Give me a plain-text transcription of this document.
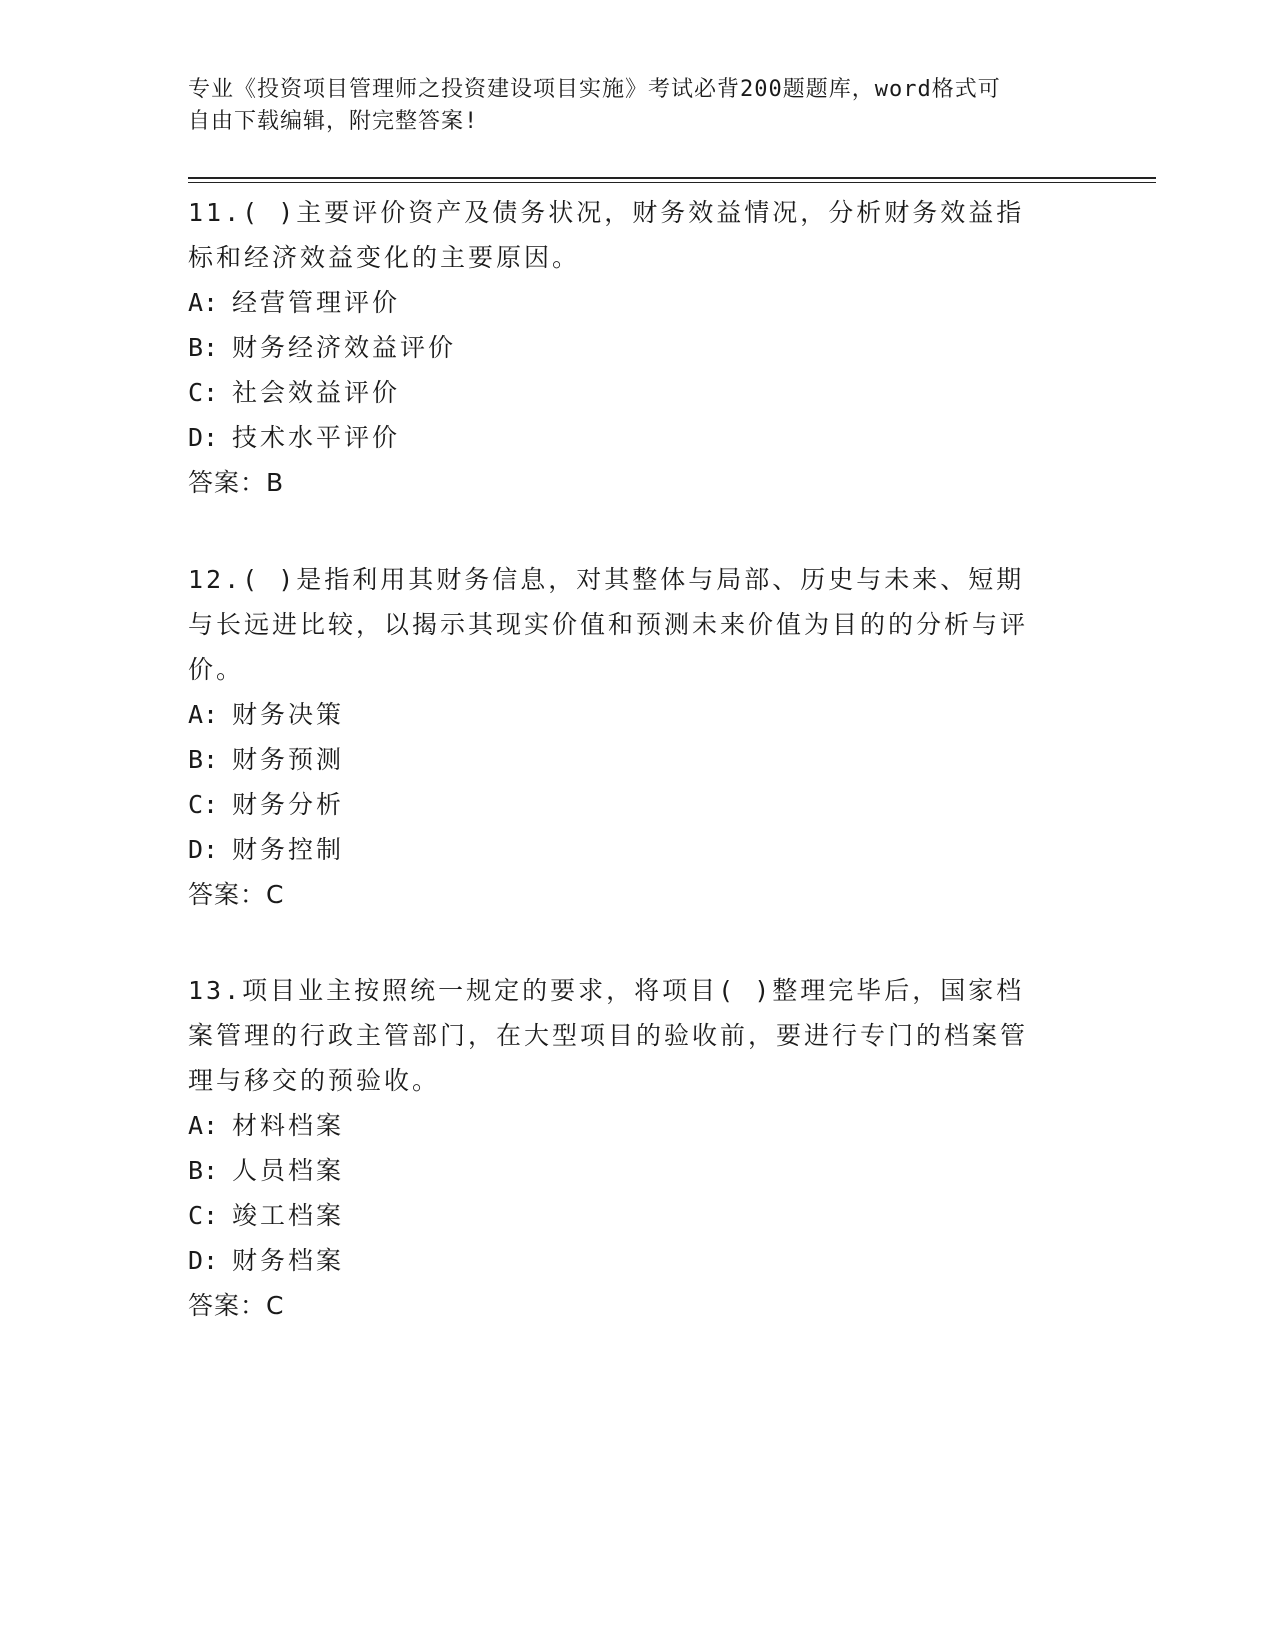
专业《投资项目管理师之投资建设项目实施》考试必背200题题库，word格式可
自由下载编辑，附完整答案!

11.( )主要评价资产及债务状况，财务效益情况，分析财务效益指

标和经济效益变化的主要原因。

A: 经营管理评价

B: 财务经济效益评价

C: 社会效益评价

D: 技术水平评价

答案：B

12.( )是指利用其财务信息，对其整体与局部、历史与未来、短期

与长远进比较，以揭示其现实价值和预测未来价值为目的的分析与评

价。

A: 财务决策

B: 财务预测

C: 财务分析

D: 财务控制

答案：C

13.项目业主按照统一规定的要求，将项目( )整理完毕后，国家档

案管理的行政主管部门，在大型项目的验收前，要进行专门的档案管

理与移交的预验收。

A: 材料档案

B: 人员档案

C: 竣工档案

D: 财务档案

答案：C
